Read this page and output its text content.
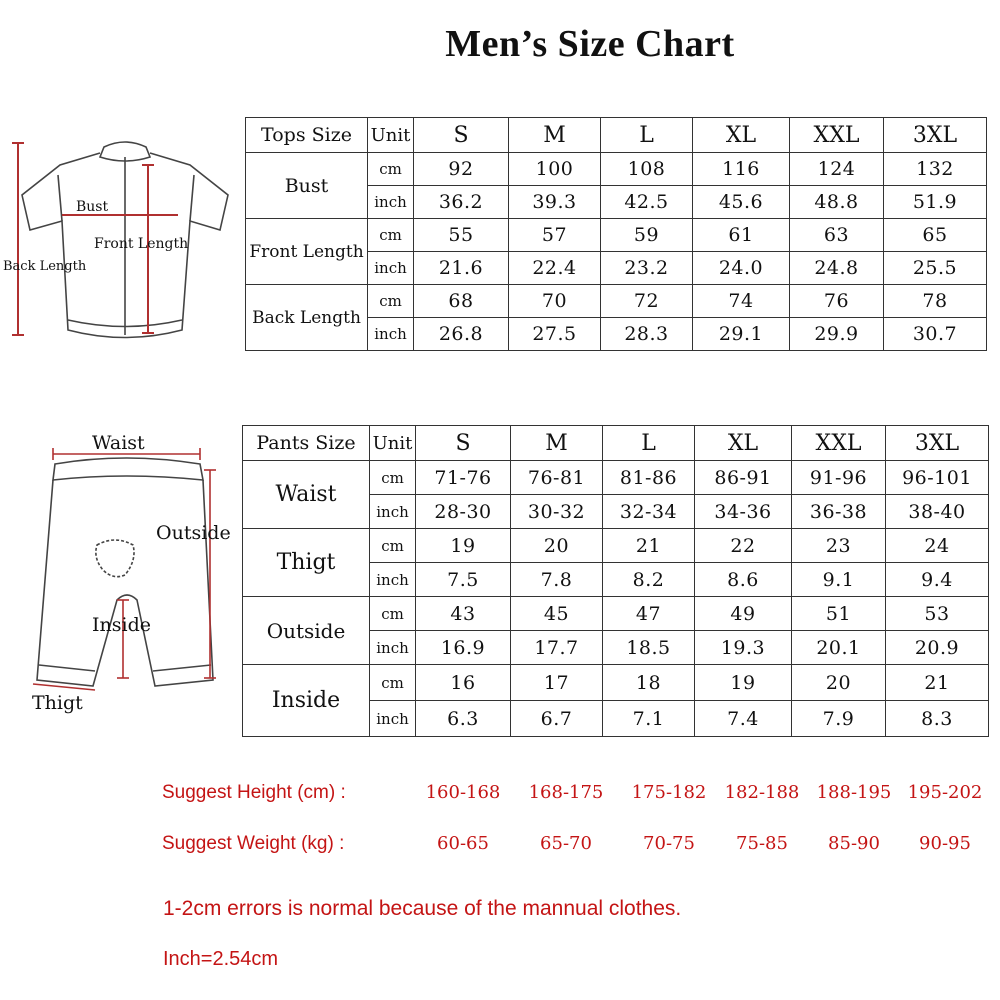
Men’s Size Chart
Bust
Front Length
Back Length
Waist
Outside
Inside
Thigt
Tops Size	Unit	S	M	L	XL	XXL	3XL
Bust	cm	92	100	108	116	124	132
	inch	36.2	39.3	42.5	45.6	48.8	51.9
Front Length	cm	55	57	59	61	63	65
	inch	21.6	22.4	23.2	24.0	24.8	25.5
Back Length	cm	68	70	72	74	76	78
	inch	26.8	27.5	28.3	29.1	29.9	30.7
Pants Size	Unit	S	M	L	XL	XXL	3XL
Waist	cm	71-76	76-81	81-86	86-91	91-96	96-101
	inch	28-30	30-32	32-34	34-36	36-38	38-40
Thigt	cm	19	20	21	22	23	24
	inch	7.5	7.8	8.2	8.6	9.1	9.4
Outside	cm	43	45	47	49	51	53
	inch	16.9	17.7	18.5	19.3	20.1	20.9
Inside	cm	16	17	18	19	20	21
	inch	6.3	6.7	7.1	7.4	7.9	8.3
Suggest Height (cm) :	160-168	168-175	175-182	182-188 188-195 195-202
Suggest Weight (kg) :	60-65	65-70	70-75	75-85	85-90	90-95
1-2cm errors is normal because of the mannual clothes.
Inch=2.54cm
